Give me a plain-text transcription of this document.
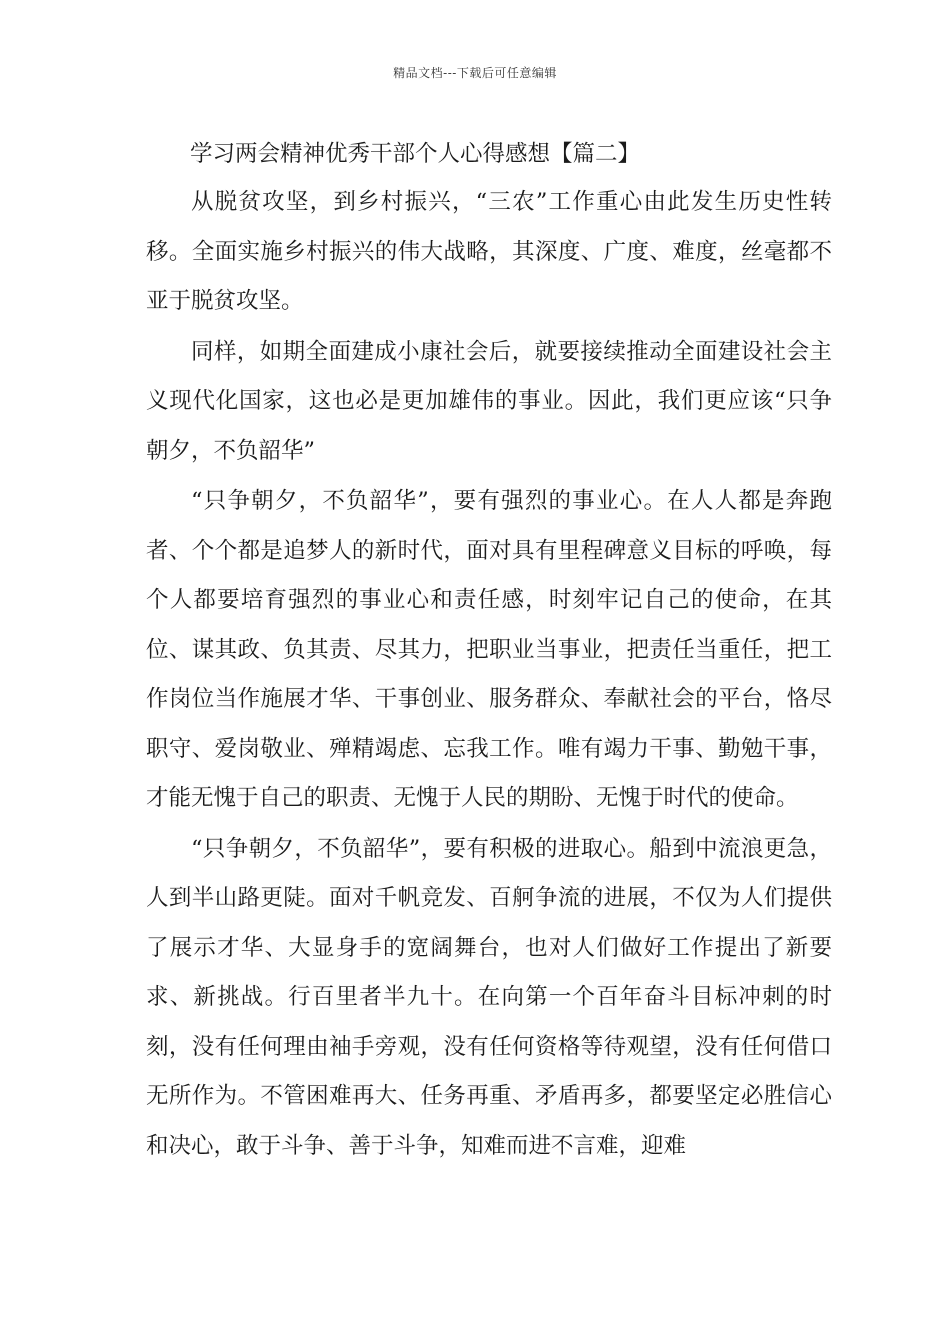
精品文档---下载后可任意编辑
学习两会精神优秀干部个人心得感想【篇二】

从脱贫攻坚，到乡村振兴，“三农”工作重心由此发生历史性转移。全面实施乡村振兴的伟大战略，其深度、广度、难度，丝毫都不亚于脱贫攻坚。

同样，如期全面建成小康社会后，就要接续推动全面建设社会主义现代化国家，这也必是更加雄伟的事业。因此，我们更应该“只争朝夕，不负韶华”

“只争朝夕，不负韶华”，要有强烈的事业心。在人人都是奔跑者、个个都是追梦人的新时代，面对具有里程碑意义目标的呼唤，每个人都要培育强烈的事业心和责任感，时刻牢记自己的使命，在其位、谋其政、负其责、尽其力，把职业当事业，把责任当重任，把工作岗位当作施展才华、干事创业、服务群众、奉献社会的平台，恪尽职守、爱岗敬业、殚精竭虑、忘我工作。唯有竭力干事、勤勉干事，才能无愧于自己的职责、无愧于人民的期盼、无愧于时代的使命。

“只争朝夕，不负韶华”，要有积极的进取心。船到中流浪更急，人到半山路更陡。面对千帆竞发、百舸争流的进展，不仅为人们提供了展示才华、大显身手的宽阔舞台，也对人们做好工作提出了新要求、新挑战。行百里者半九十。在向第一个百年奋斗目标冲刺的时刻，没有任何理由袖手旁观，没有任何资格等待观望，没有任何借口无所作为。不管困难再大、任务再重、矛盾再多，都要坚定必胜信心和决心，敢于斗争、善于斗争，知难而进不言难，迎难
